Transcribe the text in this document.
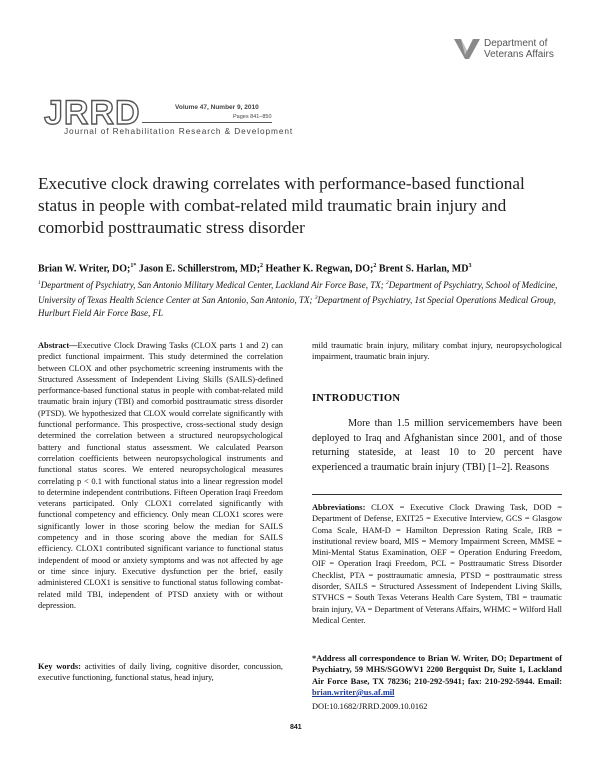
Department of
Veterans Affairs
JRRD	Volume 47, Number 9, 2010
Pages 841–850
Journal of Rehabilitation Research & Development
Executive clock drawing correlates with performance-based functional status in people with combat-related mild traumatic brain injury and comorbid posttraumatic stress disorder
Brian W. Writer, DO;$^{1*}$ Jason E. Schillerstrom, MD;$^2$ Heather K. Regwan, DO;$^2$ Brent S. Harlan, $MD^3$
$^1$Department of Psychiatry, San Antonio Military Medical Center, Lackland Air Force Base, TX; $^2$Department of Psychiatry, School of Medicine, University of Texas Health Science Center at San Antonio, San Antonio, TX; $^3$Department of Psychiatry, 1st Special Operations Medical Group, Hurlburt Field Air Force Base, FL

Abstract—Executive Clock Drawing Tasks (CLOX parts 1 and 2) can predict functional impairment. This study determined the correlation between CLOX and other psychometric screening instruments with the Structured Assessment of Independent Living Skills (SAILS)-defined performance-based functional status in people with combat-related mild traumatic brain injury (TBI) and comorbid posttraumatic stress disorder (PTSD). We hypothesized that CLOX would correlate significantly with functional performance. This prospective, cross-sectional study design determined the correlation between a structured neuropsychological battery and functional status assessment. We calculated Pearson correlation coefficients between neuropsychological instruments and functional status scores. We entered neuropsychological measures correlating p < 0.1 with functional status into a linear regression model to determine independent contributions. Fifteen Operation Iraqi Freedom veterans participated. Only CLOX1 correlated significantly with functional competency and efficiency. Only mean CLOX1 scores were significantly lower in those scoring below the median for SAILS competency and in those scoring above the median for SAILS efficiency. CLOX1 contributed significant variance to functional status independent of mood or anxiety symptoms and was not affected by age or time since injury. Executive dysfunction per the brief, easily administered CLOX1 is sensitive to functional status following combat-related mild TBI, independent of PTSD anxiety with or without depression.

Key words: activities of daily living, cognitive disorder, concussion, executive functioning, functional status, head injury,
mild traumatic brain injury, military combat injury, neuropsychological impairment, traumatic brain injury.
INTRODUCTION
More than 1.5 million servicemembers have been deployed to Iraq and Afghanistan since 2001, and of those returning stateside, at least 10 to 20 percent have experienced a traumatic brain injury (TBI) [1–2]. Reasons
Abbreviations: CLOX = Executive Clock Drawing Task, DOD = Department of Defense, EXIT25 = Executive Interview, GCS = Glasgow Coma Scale, HAM-D = Hamilton Depression Rating Scale, IRB = institutional review board, MIS = Memory Impairment Screen, MMSE = Mini-Mental Status Examination, OEF = Operation Enduring Freedom, OIF = Operation Iraqi Freedom, PCL = Posttraumatic Stress Disorder Checklist, PTA = posttraumatic amnesia, PTSD = posttraumatic stress disorder, SAILS = Structured Assessment of Independent Living Skills, STVHCS = South Texas Veterans Health Care System, TBI = traumatic brain injury, VA = Department of Veterans Affairs, WHMC = Wilford Hall Medical Center.
*Address all correspondence to Brian W. Writer, DO; Department of Psychiatry, 59 MHS/SGOWV1 2200 Bergquist Dr, Suite 1, Lackland Air Force Base, TX 78236; 210-292-5941; fax: 210-292-5944. Email: brian.writer@us.af.mil
DOI:10.1682/JRRD.2009.10.0162
841
